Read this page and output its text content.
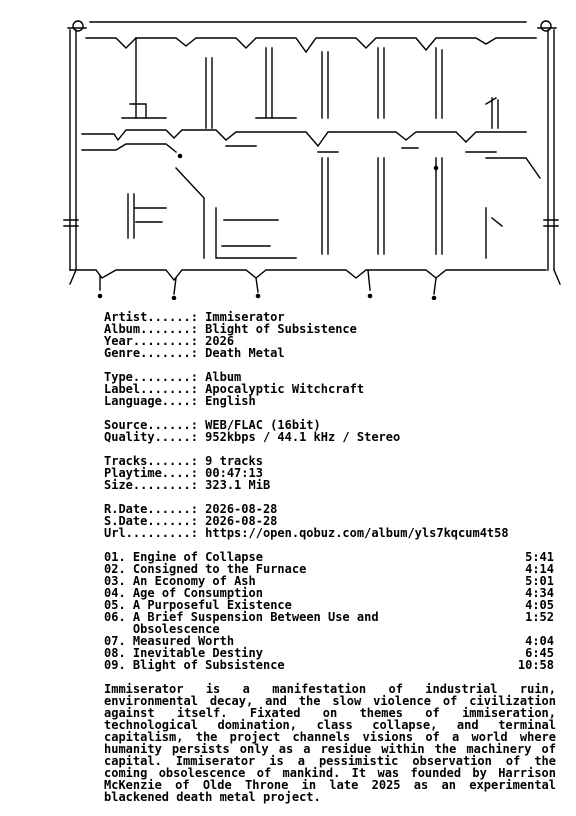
Artist......: Immiserator
Album.......: Blight of Subsistence
Year........: 2026
Genre.......: Death Metal
Type........: Album
Label.......: Apocalyptic Witchcraft
Language....: English
Source......: WEB/FLAC (16bit)
Quality.....: 952kbps / 44.1 kHz / Stereo
Tracks......: 9 tracks
Playtime....: 00:47:13
Size........: 323.1 MiB
R.Date......: 2026-08-28
S.Date......: 2026-08-28
Url.........: https://open.qobuz.com/album/yls7kqcum4t58
01. Engine of Collapse	5:41
02. Consigned to the Furnace	4:14
03. An Economy of Ash	5:01
04. Age of Consumption	4:34
05. A Purposeful Existence	4:05
06. A Brief Suspension Between Use and	1:52
Obsolescence
07. Measured Worth	4:04
08. Inevitable Destiny	6:45
09. Blight of Subsistence	10:58
Immiserator is a manifestation of industrial ruin, environmental decay, and the slow violence of civilization against itself. Fixated on themes of immiseration, technological domination, class collapse, and terminal capitalism, the project channels visions of a world where humanity persists only as a residue within the machinery of capital. Immiserator is a pessimistic observation of the coming obsolescence of mankind. It was founded by Harrison McKenzie of Olde Throne in late 2025 as an experimental blackened death metal project.
